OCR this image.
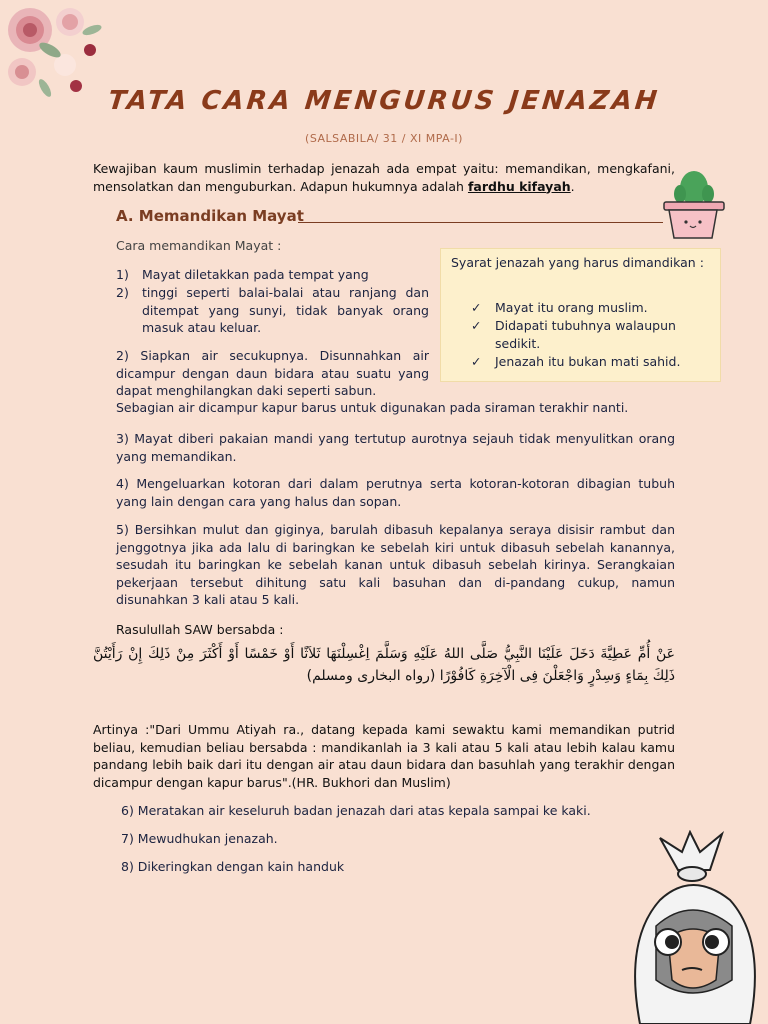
TATA CARA MENGURUS JENAZAH
(SALSABILA/ 31 / XI MPA-I)
Kewajiban kaum muslimin terhadap jenazah ada empat yaitu: memandikan, mengkafani, mensolatkan dan menguburkan. Adapun hukumnya adalah fardhu kifayah.
A. Memandikan Mayat
Cara memandikan Mayat :
1) Mayat diletakkan pada tempat yang
2) tinggi seperti balai-balai atau ranjang dan ditempat yang sunyi, tidak banyak orang masuk atau keluar.
2) Siapkan air secukupnya. Disunnahkan air dicampur dengan daun bidara atau suatu yang dapat menghilangkan daki seperti sabun.
Sebagian air dicampur kapur barus untuk digunakan pada siraman terakhir nanti.
Syarat jenazah yang harus dimandikan :
✓ Mayat itu orang muslim.
✓ Didapati tubuhnya walaupun sedikit.
✓ Jenazah itu bukan mati sahid.
3) Mayat diberi pakaian mandi yang tertutup aurotnya sejauh tidak menyulitkan orang yang memandikan.
4) Mengeluarkan kotoran dari dalam perutnya serta kotoran-kotoran dibagian tubuh yang lain dengan cara yang halus dan sopan.
5) Bersihkan mulut dan giginya, barulah dibasuh kepalanya seraya disisir rambut dan jenggotnya jika ada lalu di baringkan ke sebelah kiri untuk dibasuh sebelah kanannya, sesudah itu baringkan ke sebelah kanan untuk dibasuh sebelah kirinya. Serangkaian pekerjaan tersebut dihitung satu kali basuhan dan di-pandang cukup, namun disunahkan 3 kali atau 5 kali.
Rasulullah SAW bersabda :
عَنْ أُمِّ عَطِيَّةَ دَخَلَ عَلَيْنَا النَّبِيُّ صَلَّى اللهُ عَلَيْهِ وَسَلَّمَ اِغْسِلْنَهَا ثَلاَثًا أَوْ خَمْسًا أَوْ أَكْثَرَ مِنْ ذَلِكَ إِنْ رَأَيْتُنَّ ذَلِكَ بِمَاءٍ وَسِدْرٍ وَاجْعَلْنَ فِى الْآخِرَةِ كَافُوْرًا (رواه البخارى ومسلم)
Artinya :"Dari Ummu Atiyah ra., datang kepada kami sewaktu kami memandikan putrid beliau, kemudian beliau bersabda : mandikanlah ia 3 kali atau 5 kali atau lebih kalau kamu pandang lebih baik dari itu dengan air atau daun bidara dan basuhlah yang terakhir dengan dicampur dengan kapur barus".(HR. Bukhori dan Muslim)
6) Meratakan air keseluruh badan jenazah dari atas kepala sampai ke kaki.
7) Mewudhukan jenazah.
8) Dikeringkan dengan kain handuk
